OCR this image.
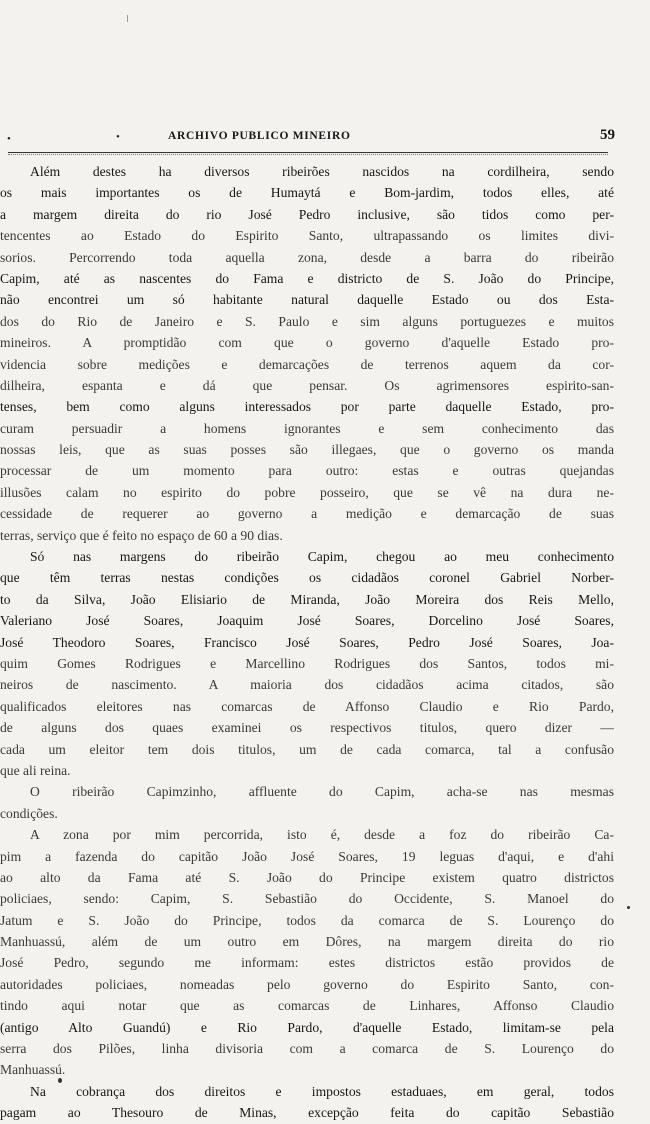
•	•	ARCHIVO PUBLICO MINEIRO	59
Além destes ha diversos ribeirões nascidos na cordilheira, sendo
os mais importantes os de Humaytá e Bom-jardim, todos elles, até
a margem direita do rio José Pedro inclusive, são tidos como per-
tencentes ao Estado do Espirito Santo, ultrapassando os limites divi-
sorios. Percorrendo toda aquella zona, desde a barra do ribeirão
Capim, até as nascentes do Fama e districto de S. João do Principe,
não encontrei um só habitante natural daquelle Estado ou dos Esta-
dos do Rio de Janeiro e S. Paulo e sim alguns portuguezes e muitos
mineiros. A promptidão com que o governo d'aquelle Estado pro-
videncia sobre medições e demarcações de terrenos aquem da cor-
dilheira, espanta e dá que pensar. Os agrimensores espirito-san-
tenses, bem como alguns interessados por parte daquelle Estado, pro-
curam persuadir a homens ignorantes e sem conhecimento das
nossas leis, que as suas posses são illegaes, que o governo os manda
processar de um momento para outro: estas e outras quejandas
illusões calam no espirito do pobre posseiro, que se vê na dura ne-
cessidade de requerer ao governo a medição e demarcação de suas
terras, serviço que é feito no espaço de 60 a 90 dias.
Só nas margens do ribeirão Capim, chegou ao meu conhecimento
que têm terras nestas condições os cidadãos coronel Gabriel Norber-
to da Silva, João Elisiario de Miranda, João Moreira dos Reis Mello,
Valeriano José Soares, Joaquim José Soares, Dorcelino José Soares,
José Theodoro Soares, Francisco José Soares, Pedro José Soares, Joa-
quim Gomes Rodrigues e Marcellino Rodrigues dos Santos, todos mi-
neiros de nascimento. A maioria dos cidadãos acima citados, são
qualificados eleitores nas comarcas de Affonso Claudio e Rio Pardo,
de alguns dos quaes examinei os respectivos titulos, quero dizer —
cada um eleitor tem dois titulos, um de cada comarca, tal a confusão
que ali reina.
O ribeirão Capimzinho, affluente do Capim, acha-se nas mesmas
condições.
A zona por mim percorrida, isto é, desde a foz do ribeirão Ca-
pim a fazenda do capitão João José Soares, 19 leguas d'aqui, e d'ahi
ao alto da Fama até S. João do Principe existem quatro districtos
policiaes, sendo: Capim, S. Sebastião do Occidente, S. Manoel do
Jatum e S. João do Principe, todos da comarca de S. Lourenço do
Manhuassú, além de um outro em Dôres, na margem direita do rio
José Pedro, segundo me informam: estes districtos estão providos de
autoridades policiaes, nomeadas pelo governo do Espirito Santo, con-
tindo aqui notar que as comarcas de Linhares, Affonso Claudio
(antigo Alto Guandú) e Rio Pardo, d'aquelle Estado, limitam-se pela
serra dos Pilões, linha divisoria com a comarca de S. Lourenço do
Manhuassú.
Na cobrança dos direitos e impostos estaduaes, em geral, todos
pagam ao Thesouro de Minas, excepção feita do capitão Sebastião
